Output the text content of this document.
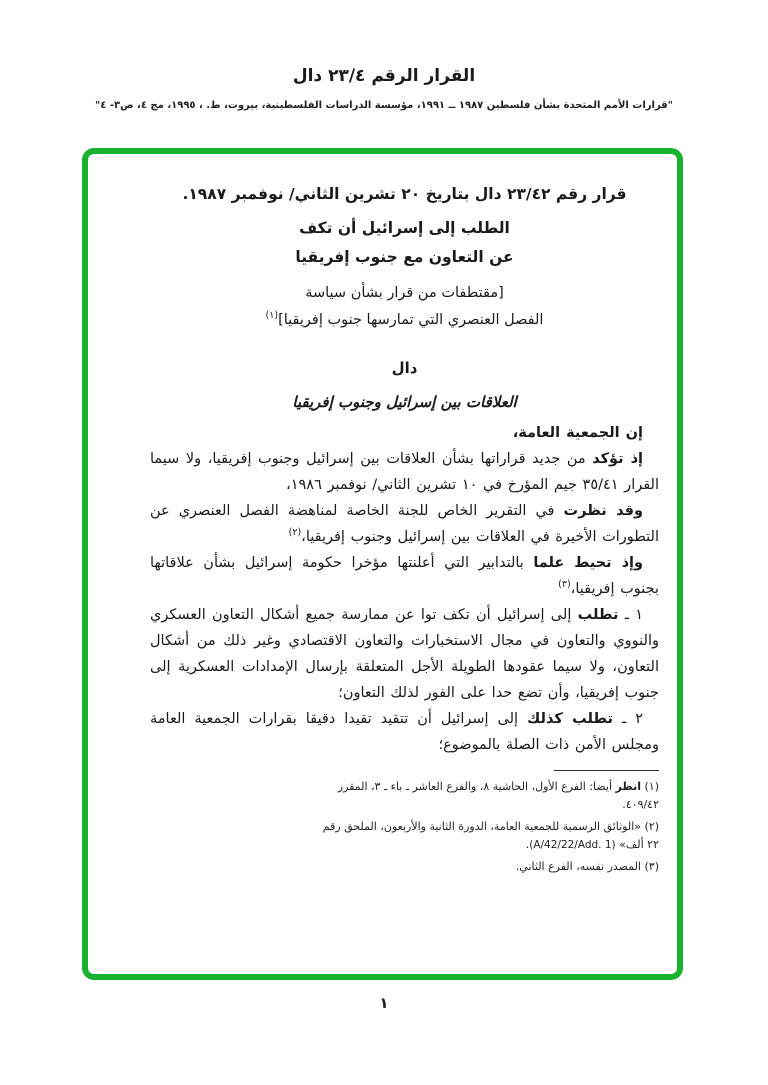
القرار الرقم ٢٣/٤ دال
"قرارات الأمم المتحدة بشأن فلسطين ١٩٨٧ ــ ١٩٩١، مؤسسة الدراسات الفلسطينية، بيروت، ط. ، ١٩٩٥، مج ٤، ص٣- ٤"
قرار رقم ٢٣/٤٢ دال بتاريخ ٢٠ تشرين الثاني/ نوفمبر ١٩٨٧.
الطلب إلى إسرائيل أن تكف
عن التعاون مع جنوب إفريقيا
[مقتطفات من قرار بشأن سياسة
الفصل العنصري التي تمارسها جنوب إفريقيا]$^{(١)}$
دال
العلاقات بين إسرائيل وجنوب إفريقيا

إن الجمعية العامة،

إذ تؤكد من جديد قراراتها بشأن العلاقات بين إسرائيل وجنوب إفريقيا، ولا سيما القرار ٣٥/٤١ جيم المؤرخ في ١٠ تشرين الثاني/ نوفمبر ١٩٨٦،

وقد نظرت في التقرير الخاص للجنة الخاصة لمناهضة الفصل العنصري عن التطورات الأخيرة في العلاقات بين إسرائيل وجنوب إفريقيا،$^{(٢)}$

وإذ تحيط علما بالتدابير التي أعلنتها مؤخرا حكومة إسرائيل بشأن علاقاتها بجنوب إفريقيا،$^{(٣)}$

١ ـ تطلب إلى إسرائيل أن تكف توا عن ممارسة جميع أشكال التعاون العسكري والنووي والتعاون في مجال الاستخبارات والتعاون الاقتصادي وغير ذلك من أشكال التعاون، ولا سيما عقودها الطويلة الأجل المتعلقة بإرسال الإمدادات العسكرية إلى جنوب إفريقيا، وأن تضع حدا على الفور لذلك التعاون؛

٢ ـ تطلب كذلك إلى إسرائيل أن تتقيد تقيدا دقيقا بقرارات الجمعية العامة ومجلس الأمن ذات الصلة بالموضوع؛

(١) انظر أيضا: الفرع الأول، الحاشية ٨، والفرع العاشر ـ باء ـ ٣، المقرر ٤٠٩/٤٢.

(٢) «الوثائق الرسمية للجمعية العامة، الدورة الثانية والأربعون، الملحق رقم ٢٢ ألف» (A/42/22/Add. 1).

(٣) المصدر نفسه، الفرع الثاني.

١
